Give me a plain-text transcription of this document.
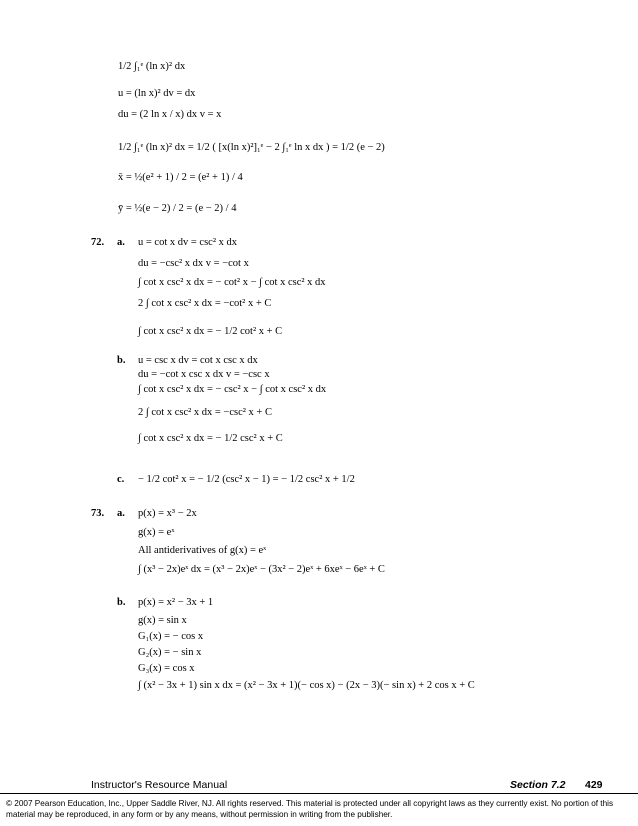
1/2 ∫₁ᵉ (ln x)² dx
u = (ln x)² dv = dx
du = (2 ln x / x) dx v = x
1/2 ∫₁ᵉ (ln x)² dx = 1/2 ( [x(ln x)²]₁ᵉ − 2 ∫₁ᵉ ln x dx ) = 1/2 (e − 2)
x̄ = ½(e² + 1) / 2 = (e² + 1) / 4
ȳ = ½(e − 2) / 2 = (e − 2) / 4
72. a. u = cot x dv = csc² x dx
du = −csc² x dx v = −cot x
∫ cot x csc² x dx = − cot² x − ∫ cot x csc² x dx
2 ∫ cot x csc² x dx = −cot² x + C
∫ cot x csc² x dx = − 1/2 cot² x + C
b. u = csc x dv = cot x csc x dx
du = −cot x csc x dx v = −csc x
∫ cot x csc² x dx = − csc² x − ∫ cot x csc² x dx
2 ∫ cot x csc² x dx = −csc² x + C
∫ cot x csc² x dx = − 1/2 csc² x + C
c. − 1/2 cot² x = − 1/2 (csc² x − 1) = − 1/2 csc² x + 1/2
73. a. p(x) = x³ − 2x
g(x) = eˣ
All antiderivatives of g(x) = eˣ
∫ (x³ − 2x)eˣ dx = (x³ − 2x)eˣ − (3x² − 2)eˣ + 6xeˣ − 6eˣ + C
b. p(x) = x² − 3x + 1
g(x) = sin x
G₁(x) = − cos x
G₂(x) = − sin x
G₃(x) = cos x
∫ (x² − 3x + 1) sin x dx = (x² − 3x + 1)(− cos x) − (2x − 3)(− sin x) + 2 cos x + C
Instructor's Resource Manual	Section 7.2 429
© 2007 Pearson Education, Inc., Upper Saddle River, NJ. All rights reserved. This material is protected under all copyright laws as they currently exist. No portion of this material may be reproduced, in any form or by any means, without permission in writing from the publisher.
